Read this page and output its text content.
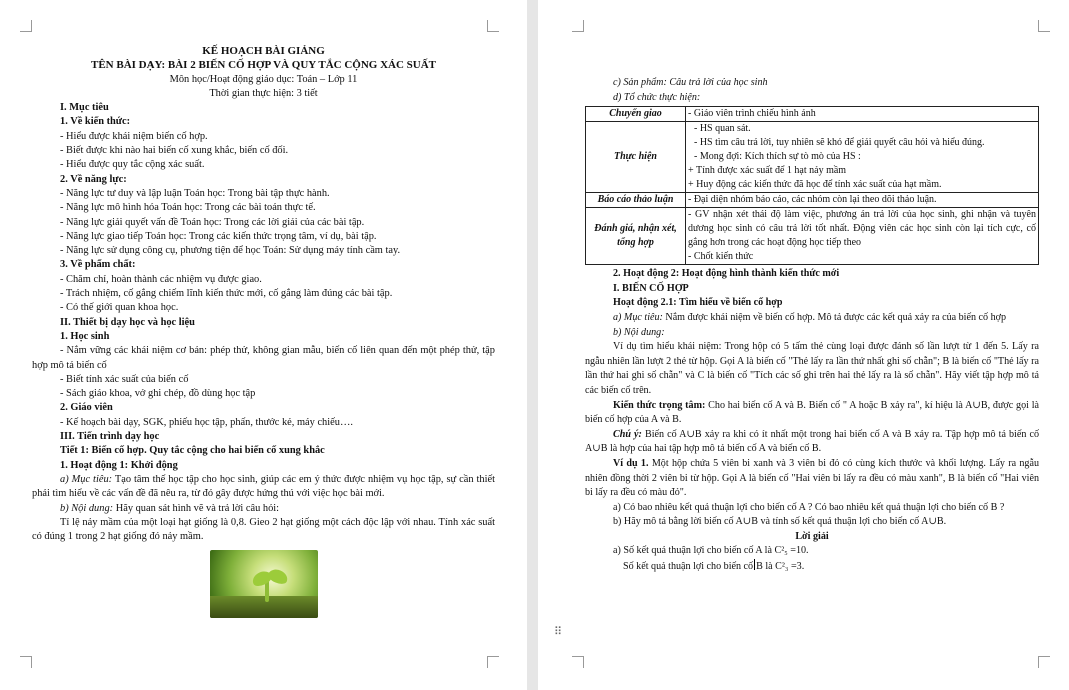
KẾ HOẠCH BÀI GIẢNG
TÊN BÀI DẠY: BÀI 2 BIẾN CỐ HỢP VÀ QUY TẮC CỘNG XÁC SUẤT
Môn học/Hoạt động giáo dục: Toán – Lớp 11
Thời gian thực hiện: 3 tiết
I. Mục tiêu
1. Về kiến thức:
- Hiểu được khái niệm biến cố hợp.
- Biết được khi nào hai biến cố xung khắc, biến cố đối.
- Hiểu được quy tắc cộng xác suất.
2. Về năng lực:
- Năng lực tư duy và lập luận Toán học: Trong bài tập thực hành.
- Năng lực mô hình hóa Toán học: Trong các bài toán thực tế.
- Năng lực giải quyết vấn đề Toán học: Trong các lời giải của các bài tập.
- Năng lực giao tiếp Toán học: Trong các kiến thức trọng tâm, ví dụ, bài tập.
- Năng lực sử dụng công cụ, phương tiện để học Toán: Sử dụng máy tính cầm tay.
3. Về phẩm chất:
- Chăm chỉ, hoàn thành các nhiệm vụ được giao.
- Trách nhiệm, cố gắng chiếm lĩnh kiến thức mới, cố gắng làm đúng các bài tập.
- Có thế giới quan khoa học.
II. Thiết bị dạy học và học liệu
1. Học sinh
- Nắm vững các khái niệm cơ bản: phép thử, không gian mẫu, biến cố liên quan đến một phép thử, tập hợp mô tả biến cố
- Biết tính xác suất của biến cố
- Sách giáo khoa, vở ghi chép, đồ dùng học tập
2. Giáo viên
- Kế hoạch bài dạy, SGK, phiếu học tập, phấn, thước kẻ, máy chiếu….
III. Tiến trình dạy học
Tiết 1: Biến cố hợp. Quy tắc cộng cho hai biến cố xung khắc
1. Hoạt động 1: Khởi động
a) Mục tiêu: Tạo tâm thế học tập cho học sinh, giúp các em ý thức được nhiệm vụ học tập, sự cần thiết phải tìm hiểu về các vấn đề đã nêu ra, từ đó gây được hứng thú với việc học bài mới.
b) Nội dung: Hãy quan sát hình vẽ và trả lời câu hỏi:
Tỉ lệ nảy mầm của một loại hạt giống là 0,8. Gieo 2 hạt giống một cách độc lập với nhau. Tính xác suất có đúng 1 trong 2 hạt giống đó nảy mầm.
⠿
c) Sản phẩm: Câu trả lời của học sinh
d) Tổ chức thực hiện:
Chuyển giao	- Giáo viên trình chiếu hình ảnh

Thực hiện	- HS quan sát.
- HS tìm câu trả lời, tuy nhiên sẽ khó để giải quyết câu hỏi và hiểu đúng.
- Mong đợi: Kích thích sự tò mò của HS :
+ Tính được xác suất để 1 hạt nảy mầm
+ Huy động các kiến thức đã học để tính xác suất của hạt mầm.

Báo cáo thảo luận	- Đại diện nhóm báo cáo, các nhóm còn lại theo dõi thảo luận.

Đánh giá, nhận xét, tổng hợp	- GV nhận xét thái độ làm việc, phương án trả lời của học sinh, ghi nhận và tuyên dương học sinh có câu trả lời tốt nhất. Động viên các học sinh còn lại tích cực, cố gắng hơn trong các hoạt động học tiếp theo
- Chốt kiến thức
2. Hoạt động 2: Hoạt động hình thành kiến thức mới
I. BIẾN CỐ HỢP
Hoạt động 2.1: Tìm hiểu về biến cố hợp
a) Mục tiêu: Nắm được khái niệm về biến cố hợp. Mô tả được các kết quả xảy ra của biến cố hợp
b) Nội dung:
Ví dụ tìm hiểu khái niệm: Trong hộp có 5 tấm thẻ cùng loại được đánh số lần lượt từ 1 đến 5. Lấy ra ngẫu nhiên lần lượt 2 thẻ từ hộp. Gọi A là biến cố "Thẻ lấy ra lần thứ nhất ghi số chẵn"; B là biến cố "Thẻ lấy ra lần thứ hai ghi số chẵn" và C là biến cố "Tích các số ghi trên hai thẻ lấy ra là số chẵn". Hãy viết tập hợp mô tả các biến cố trên.
Kiến thức trọng tâm: Cho hai biến cố A và B. Biến cố " A hoặc B xảy ra", kí hiệu là A∪B, được gọi là biến cố hợp của A và B.
Chú ý: Biến cố A∪B xảy ra khi có ít nhất một trong hai biến cố A và B xảy ra. Tập hợp mô tả biến cố A∪B là hợp của hai tập hợp mô tả biến cố A và biến cố B.
Ví dụ 1. Một hộp chứa 5 viên bi xanh và 3 viên bi đỏ có cùng kích thước và khối lượng. Lấy ra ngẫu nhiên đồng thời 2 viên bi từ hộp. Gọi A là biến cố "Hai viên bi lấy ra đều có màu xanh", B là biến cố "Hai viên bi lấy ra đều có màu đỏ".
a) Có bao nhiêu kết quả thuận lợi cho biến cố A ? Có bao nhiêu kết quả thuận lợi cho biến cố B ?
b) Hãy mô tả bằng lời biến cố A∪B và tính số kết quả thuận lợi cho biến cố A∪B.
Lời giải
a) Số kết quả thuận lợi cho biến cố A là C²₅ =10.
Số kết quả thuận lợi cho biến cố B là C²₃ =3.
